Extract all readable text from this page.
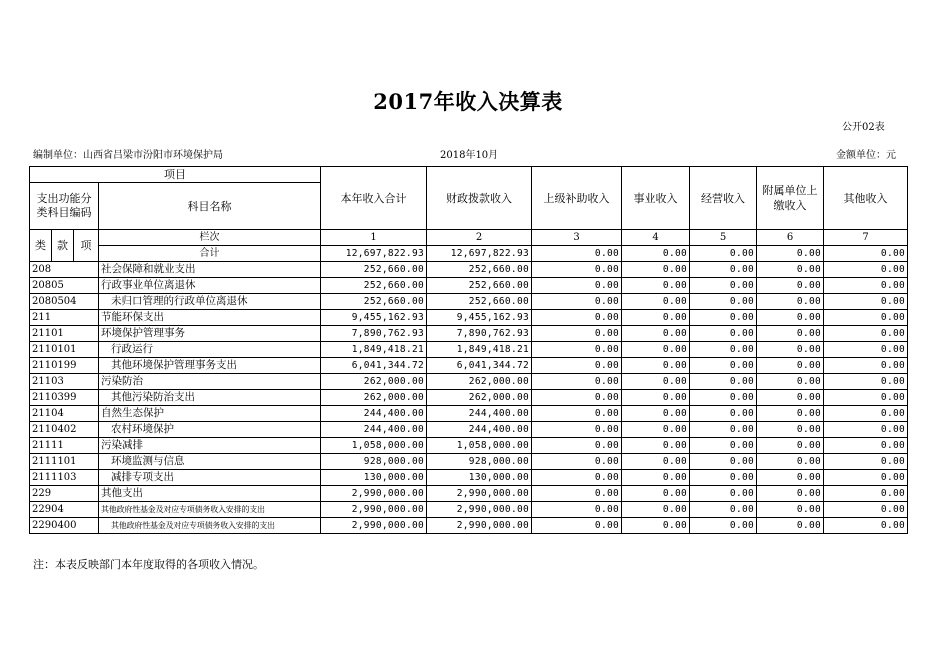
2017年收入决算表
公开02表
编制单位：山西省吕梁市汾阳市环境保护局	2018年10月	金额单位：元
项目				本年收入合计	财政拨款收入	上级补助收入	事业收入	经营收入	附属单位上缴收入	其他收入
支出功能分类科目编码			科目名称							

类	款	项	栏次	1	2	3	4	5	6	7
			合计	12,697,822.93	12,697,822.93	0.00	0.00	0.00	0.00	0.00
208			社会保障和就业支出	252,660.00	252,660.00	0.00	0.00	0.00	0.00	0.00
20805			行政事业单位离退休	252,660.00	252,660.00	0.00	0.00	0.00	0.00	0.00
2080504			未归口管理的行政单位离退休	252,660.00	252,660.00	0.00	0.00	0.00	0.00	0.00
211			节能环保支出	9,455,162.93	9,455,162.93	0.00	0.00	0.00	0.00	0.00
21101			环境保护管理事务	7,890,762.93	7,890,762.93	0.00	0.00	0.00	0.00	0.00
2110101			行政运行	1,849,418.21	1,849,418.21	0.00	0.00	0.00	0.00	0.00
2110199			其他环境保护管理事务支出	6,041,344.72	6,041,344.72	0.00	0.00	0.00	0.00	0.00
21103			污染防治	262,000.00	262,000.00	0.00	0.00	0.00	0.00	0.00
2110399			其他污染防治支出	262,000.00	262,000.00	0.00	0.00	0.00	0.00	0.00
21104			自然生态保护	244,400.00	244,400.00	0.00	0.00	0.00	0.00	0.00
2110402			农村环境保护	244,400.00	244,400.00	0.00	0.00	0.00	0.00	0.00
21111			污染减排	1,058,000.00	1,058,000.00	0.00	0.00	0.00	0.00	0.00
2111101			环境监测与信息	928,000.00	928,000.00	0.00	0.00	0.00	0.00	0.00
2111103			减排专项支出	130,000.00	130,000.00	0.00	0.00	0.00	0.00	0.00
229			其他支出	2,990,000.00	2,990,000.00	0.00	0.00	0.00	0.00	0.00
22904			其他政府性基金及对应专项债务收入安排的支出	2,990,000.00	2,990,000.00	0.00	0.00	0.00	0.00	0.00
2290400			其他政府性基金及对应专项债务收入安排的支出	2,990,000.00	2,990,000.00	0.00	0.00	0.00	0.00	0.00
注：本表反映部门本年度取得的各项收入情况。
